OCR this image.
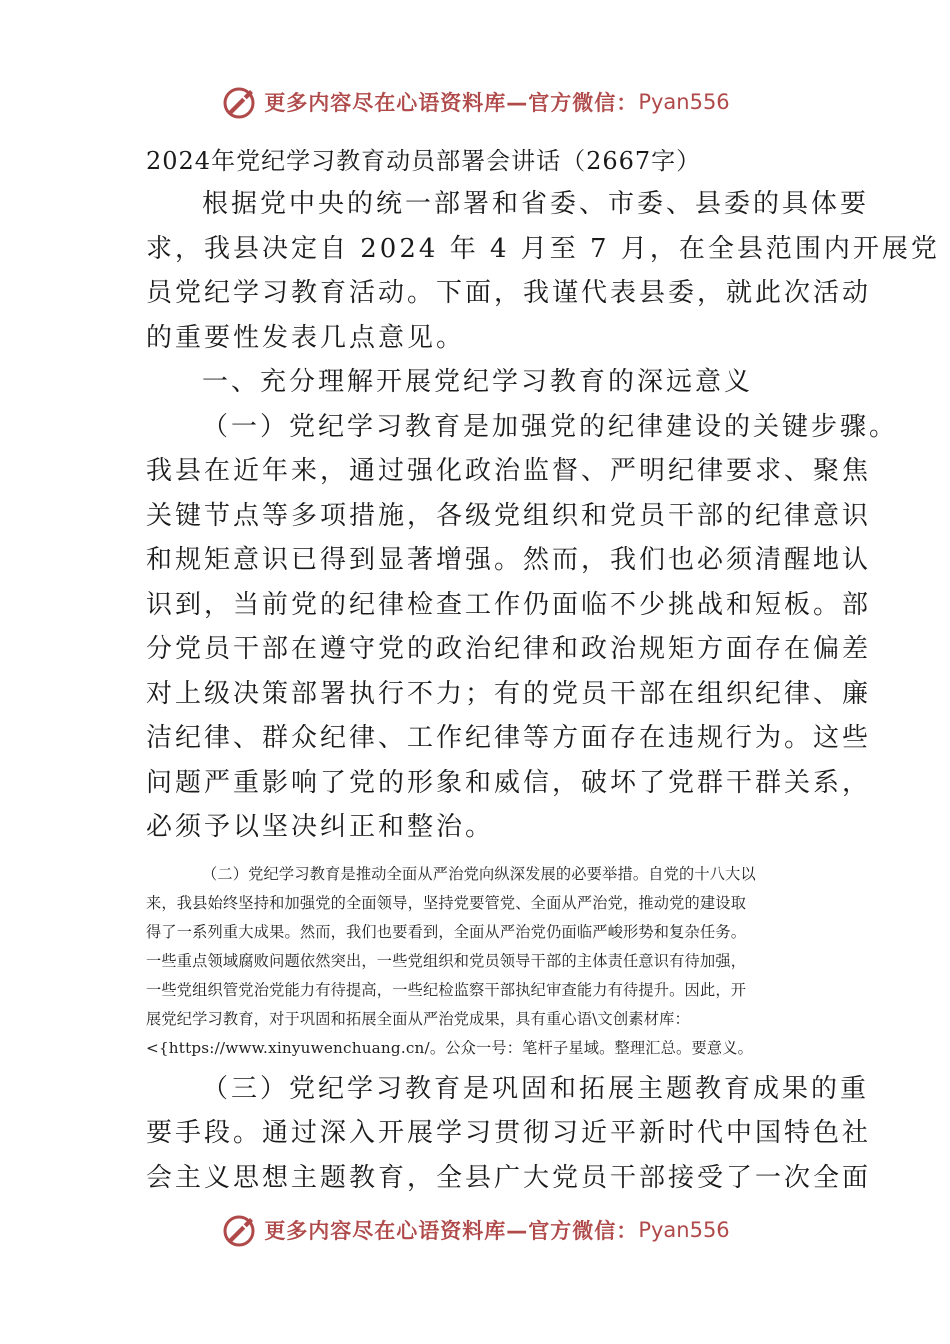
更多内容尽在心语资料库—官方微信： Pyan556
2024年党纪学习教育动员部署会讲话（2667字）
根据党中央的统一部署和省委、市委、县委的具体要
求，我县决定自 2024 年 4 月至 7 月，在全县范围内开展党
员党纪学习教育活动。下面，我谨代表县委，就此次活动
的重要性发表几点意见。
一、充分理解开展党纪学习教育的深远意义
（一）党纪学习教育是加强党的纪律建设的关键步骤。
我县在近年来，通过强化政治监督、严明纪律要求、聚焦
关键节点等多项措施，各级党组织和党员干部的纪律意识
和规矩意识已得到显著增强。然而，我们也必须清醒地认
识到，当前党的纪律检查工作仍面临不少挑战和短板。部
分党员干部在遵守党的政治纪律和政治规矩方面存在偏差
对上级决策部署执行不力；有的党员干部在组织纪律、廉
洁纪律、群众纪律、工作纪律等方面存在违规行为。这些
问题严重影响了党的形象和威信，破坏了党群干群关系，
必须予以坚决纠正和整治。
（二）党纪学习教育是推动全面从严治党向纵深发展的必要举措。自党的十八大以
来，我县始终坚持和加强党的全面领导，坚持党要管党、全面从严治党，推动党的建设取
得了一系列重大成果。然而，我们也要看到，全面从严治党仍面临严峻形势和复杂任务。
一些重点领域腐败问题依然突出，一些党组织和党员领导干部的主体责任意识有待加强，
一些党组织管党治党能力有待提高，一些纪检监察干部执纪审查能力有待提升。因此，开
展党纪学习教育，对于巩固和拓展全面从严治党成果，具有重心语\文创素材库：
<{https://www.xinyuwenchuang.cn/。公众一号：笔杆子星域。整理汇总。要意义。
（三）党纪学习教育是巩固和拓展主题教育成果的重
要手段。通过深入开展学习贯彻习近平新时代中国特色社
会主义思想主题教育，全县广大党员干部接受了一次全面
更多内容尽在心语资料库—官方微信： Pyan556
